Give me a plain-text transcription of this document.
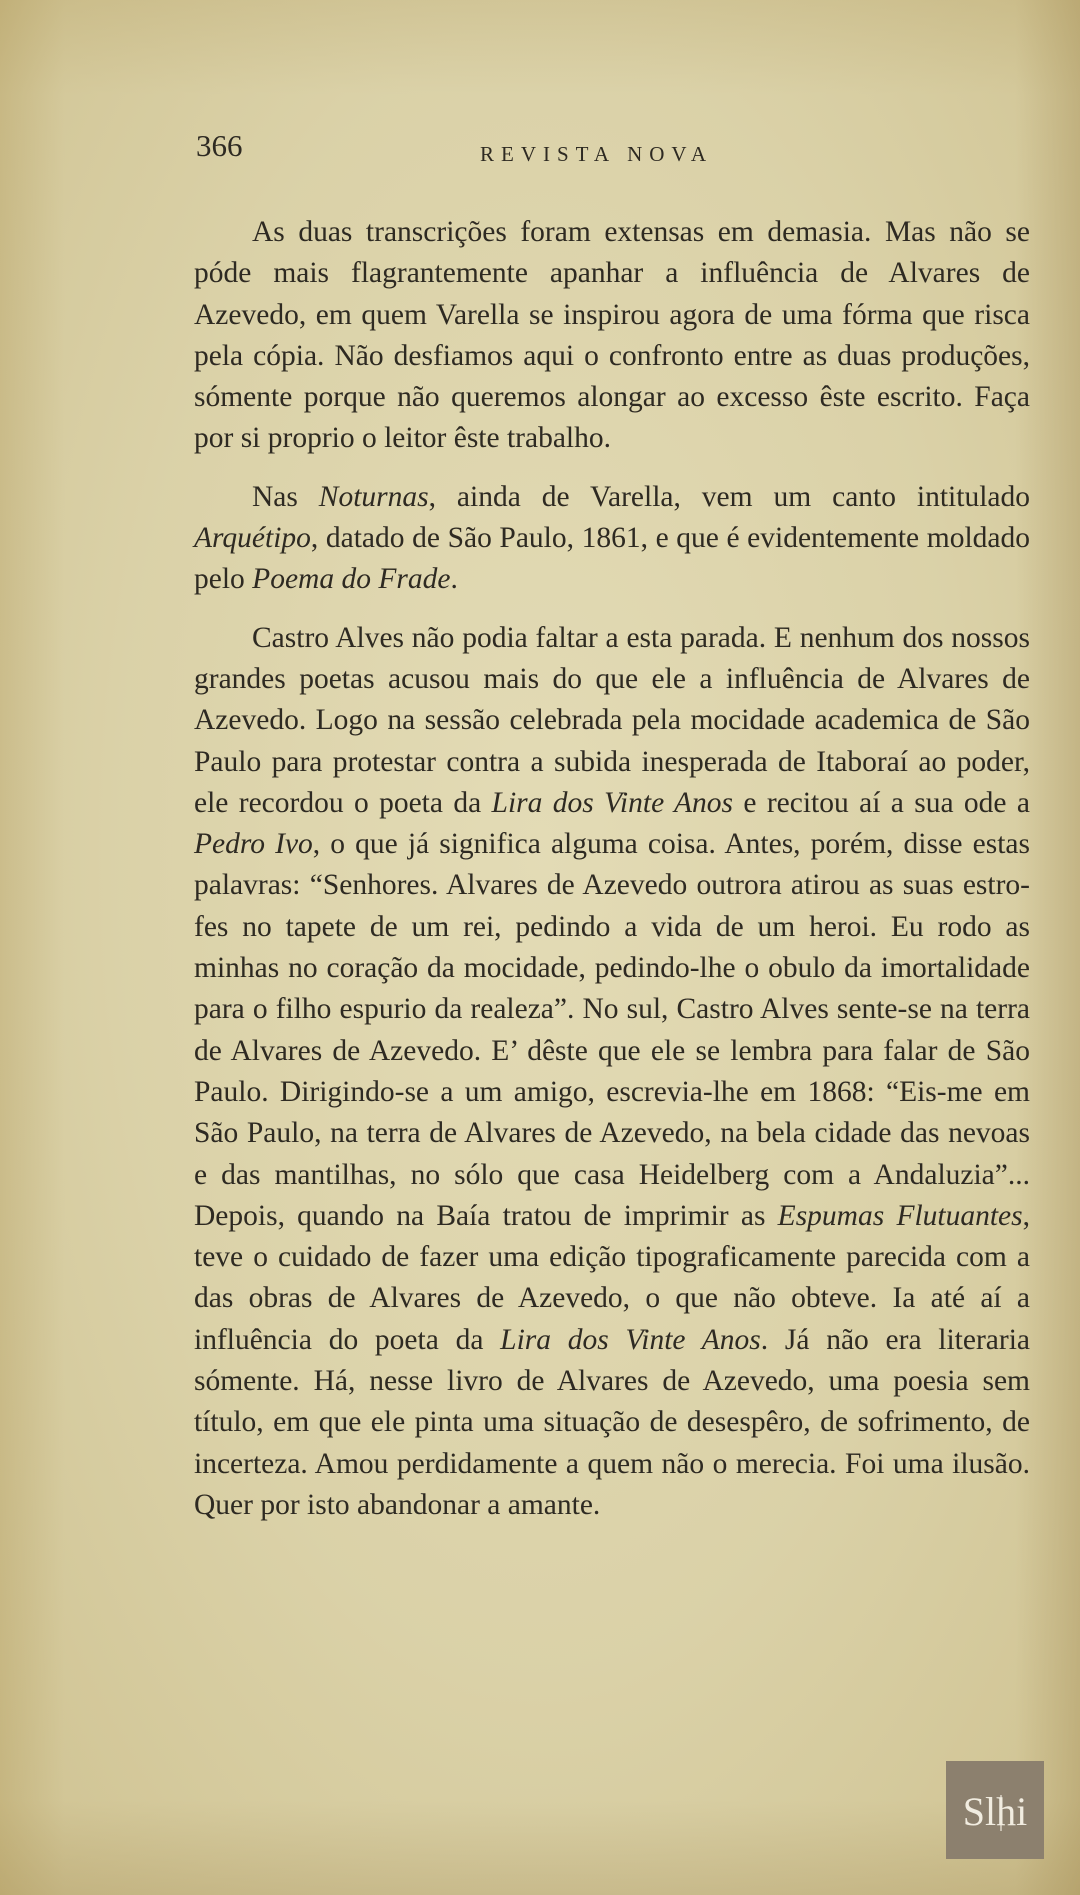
366	REVISTA NOVA

As duas transcrições foram extensas em demasia. Mas não se póde mais flagrantemente apanhar a influência de Alvares de Azevedo, em quem Varella se inspirou agora de uma fórma que risca pela cópia. Não desfiamos aqui o confronto entre as duas produções, sómente porque não queremos alongar ao excesso êste escrito. Faça por si proprio o leitor êste trabalho.

Nas Noturnas, ainda de Varella, vem um canto intitulado Arquétipo, datado de São Paulo, 1861, e que é evidentemente moldado pelo Poema do Frade.

Castro Alves não podia faltar a esta parada. E nenhum dos nossos grandes poetas acusou mais do que ele a influência de Alvares de Azevedo. Logo na sessão celebrada pela mocidade academica de São Paulo para protestar contra a subida inesperada de Itaboraí ao poder, ele recordou o poeta da Lira dos Vinte Anos e recitou aí a sua ode a Pedro Ivo, o que já significa alguma coisa. Antes, porém, disse estas palavras: “Senhores. Alvares de Azevedo outrora atirou as suas estrofes no tapete de um rei, pedindo a vida de um heroi. Eu rodo as minhas no coração da mocidade, pedindo-lhe o obulo da imortalidade para o filho espurio da realeza”. No sul, Castro Alves sente-se na terra de Alvares de Azevedo. E’ dêste que ele se lembra para falar de São Paulo. Dirigindo-se a um amigo, escrevia-lhe em 1868: “Eis-me em São Paulo, na terra de Alvares de Azevedo, na bela cidade das nevoas e das mantilhas, no sólo que casa Heidelberg com a Andaluzia”... Depois, quando na Baía tratou de imprimir as Espumas Flutuantes, teve o cuidado de fazer uma edição tipograficamente parecida com a das obras de Alvares de Azevedo, o que não obteve. Ia até aí a influência do poeta da Lira dos Vinte Anos. Já não era literaria sómente. Há, nesse livro de Alvares de Azevedo, uma poesia sem título, em que ele pinta uma situação de desespêro, de sofrimento, de incerteza. Amou perdidamente a quem não o merecia. Foi uma ilusão. Quer por isto abandonar a amante.

Slhi
